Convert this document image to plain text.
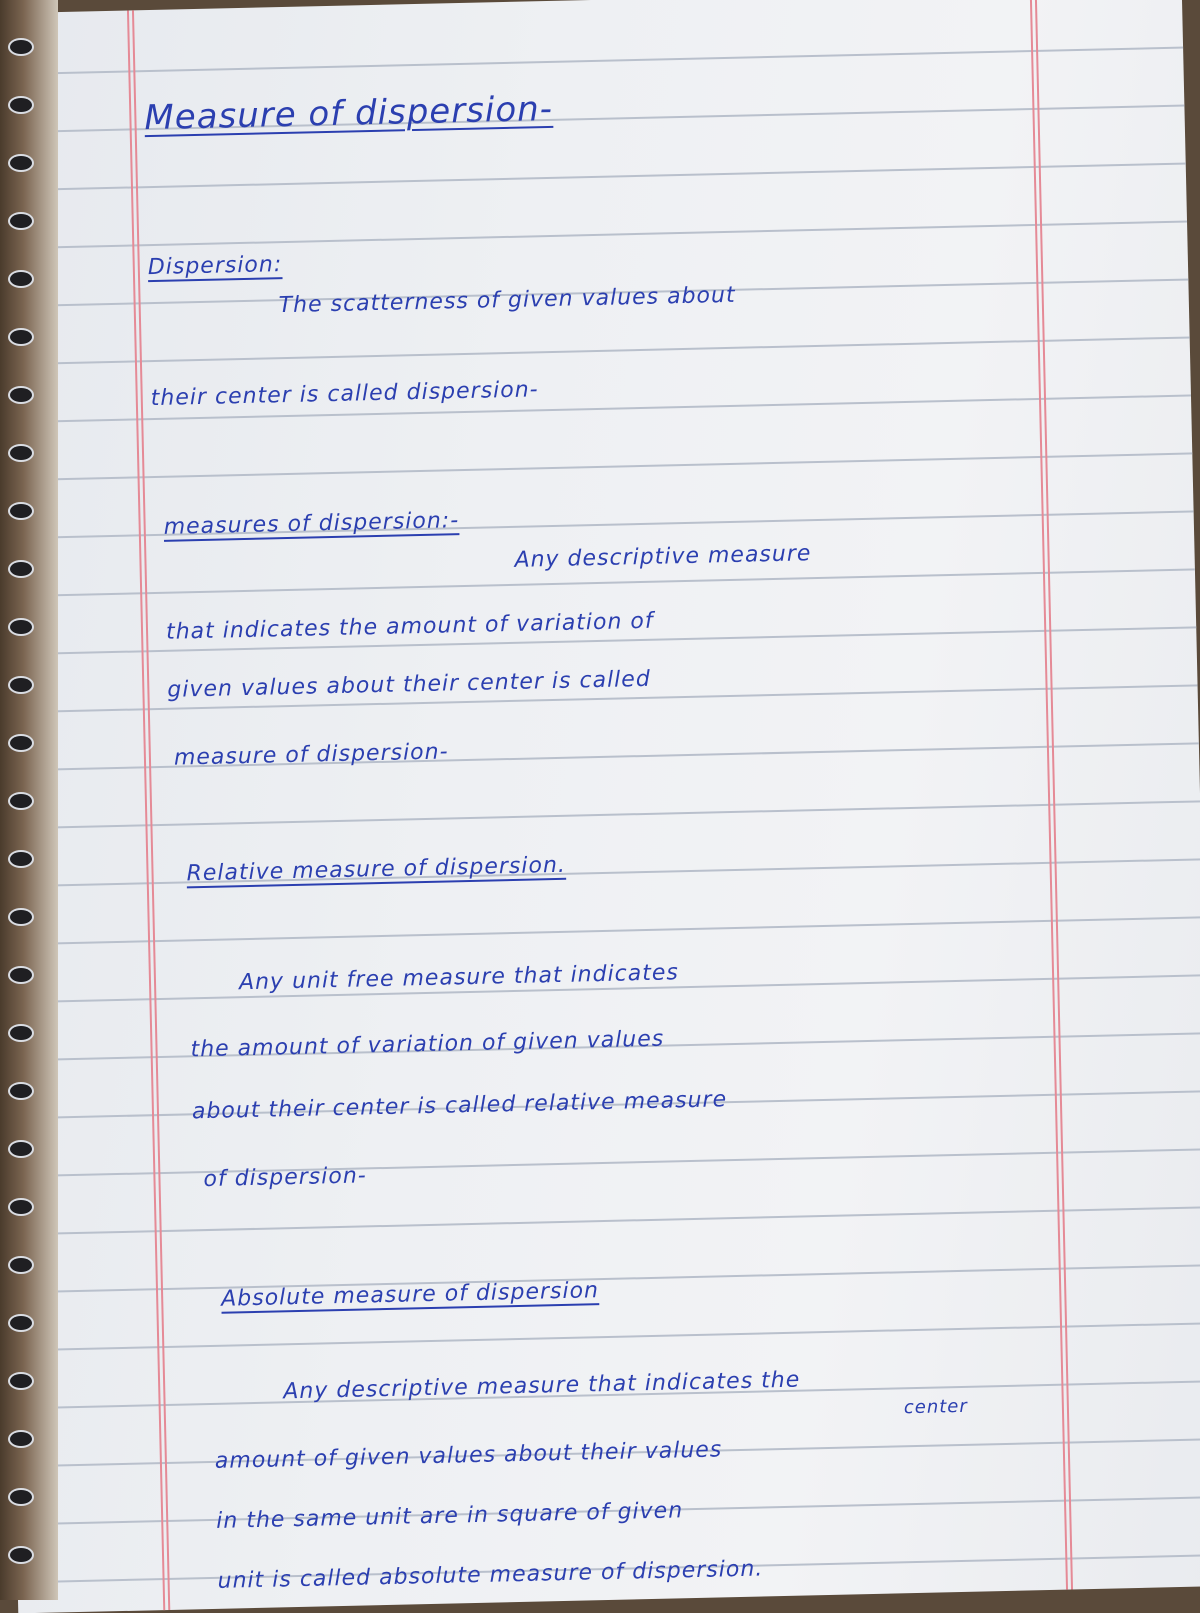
Measure of dispersion-
Dispersion:
The scatterness of given values about
their center is called dispersion-
measures of dispersion:-
Any descriptive measure
that indicates the amount of variation of
given values about their center is called
measure of dispersion-
Relative measure of dispersion.
Any unit free measure that indicates
the amount of variation of given values
about their center is called relative measure
of dispersion-
Absolute measure of dispersion
Any descriptive measure that indicates the
center
amount of given values about their values
in the same unit are in square of given
unit is called absolute measure of dispersion.
